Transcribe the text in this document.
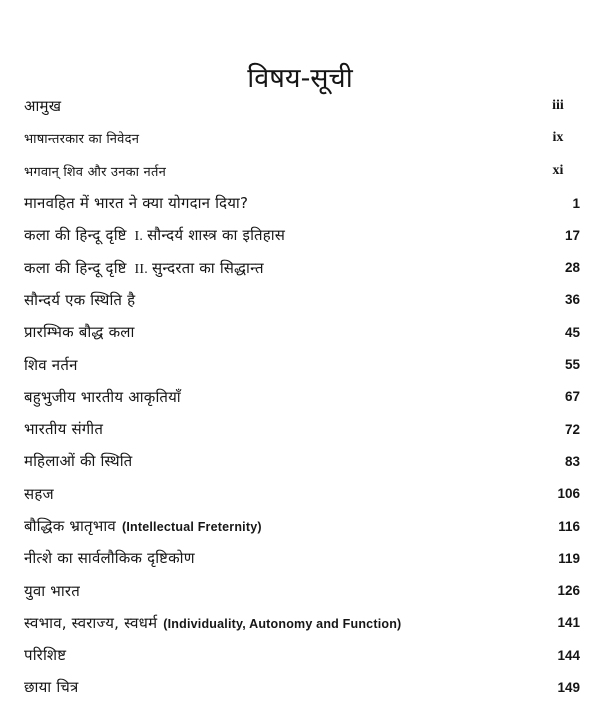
विषय-सूची
आमुख	iii
भाषान्तरकार का निवेदन	ix
भगवान् शिव और उनका नर्तन	xi
मानवहित में भारत ने क्या योगदान दिया?	1
कला की हिन्दू दृष्टि I. सौन्दर्य शास्त्र का इतिहास	17
कला की हिन्दू दृष्टि II. सुन्दरता का सिद्धान्त	28
सौन्दर्य एक स्थिति है	36
प्रारम्भिक बौद्ध कला	45
शिव नर्तन	55
बहुभुजीय भारतीय आकृतियाँ	67
भारतीय संगीत	72
महिलाओं की स्थिति	83
सहज	106
बौद्धिक भ्रातृभाव (Intellectual Freternity)	116
नीत्शे का सार्वलौकिक दृष्टिकोण	119
युवा भारत	126
स्वभाव, स्वराज्य, स्वधर्म (Individuality, Autonomy and Function)	141
परिशिष्ट	144
छाया चित्र	149
